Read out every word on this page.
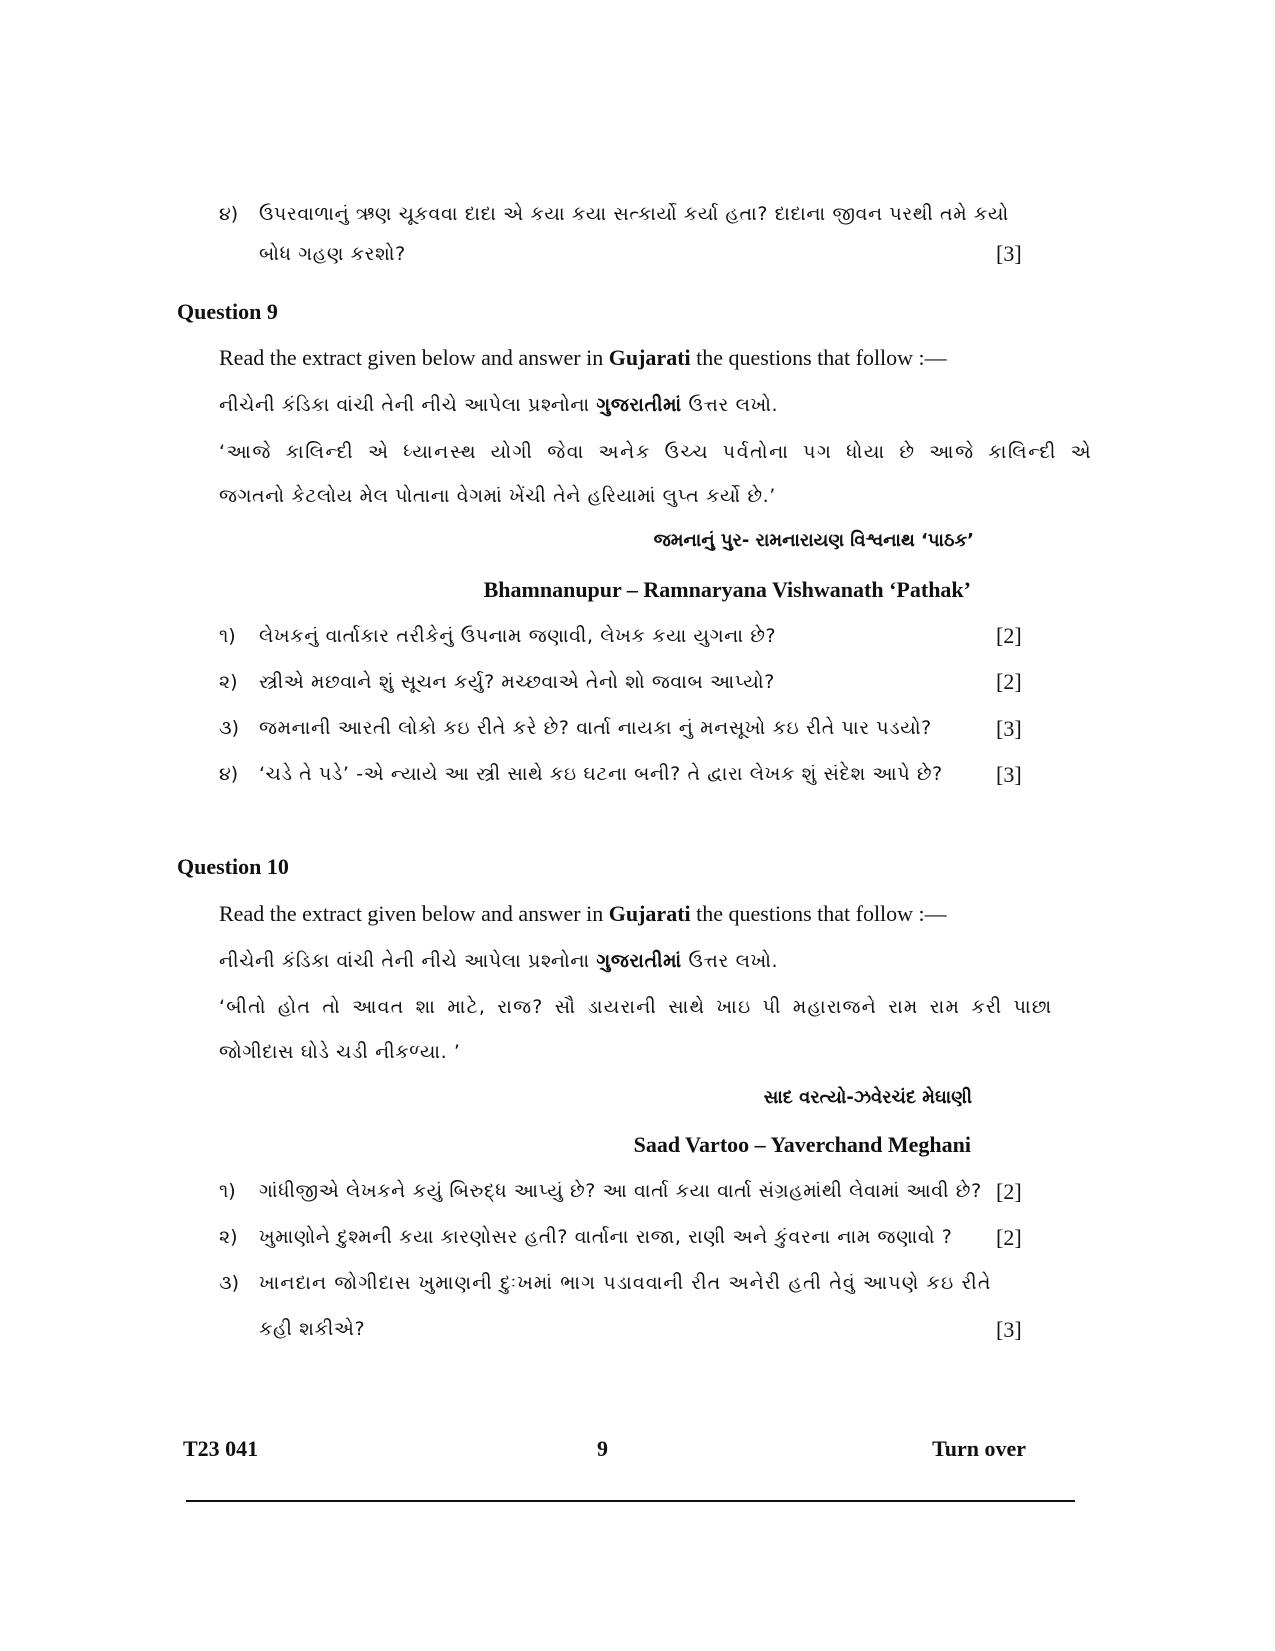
૪) ઉપરવાળાનું ઋણ ચૂકવવા દાદા એ કયા કયા સત્કાર્યો કર્યા હતા? દાદાના જીવન પરથી તમે કયો
બોધ ગહણ કરશો?	[3]
Question 9
Read the extract given below and answer in Gujarati the questions that follow :—
નીચેની કંડિકા વાંચી તેની નીચે આપેલા પ્રશ્નોના ગુજરાતીમાં ઉત્તર લખો.
‘આજે કાલિન્દી એ ધ્યાનસ્થ યોગી જેવા અનેક ઉચ્ચ પર્વતોના પગ ધોયા છે આજે કાલિન્દી એ
જગતનો કેટલોય મેલ પોતાના વેગમાં ખેંચી તેને હરિયામાં લુપ્ત કર્યો છે.’
જમનાનું પુર- રામનારાયણ વિશ્વનાથ ‘પાઠક’
Bhamnanupur – Ramnaryana Vishwanath ‘Pathak’
૧) લેખકનું વાર્તાકાર તરીકેનું ઉપનામ જણાવી, લેખક કયા યુગના છે?	[2]
૨) સ્ત્રીએ મછવાને શું સૂચન કર્યુ? મચ્છવાએ તેનો શો જવાબ આપ્યો?	[2]
૩) જમનાની આરતી લોકો કઇ રીતે કરે છે? વાર્તા નાયકા નું મનસૂખો કઇ રીતે પાર પડયો?	[3]
૪) ‘ચડે તે પડે’ -એ ન્યાયે આ સ્ત્રી સાથે કઇ ઘટના બની? તે દ્વારા લેખક શું સંદેશ આપે છે? [3]
Question 10
Read the extract given below and answer in Gujarati the questions that follow :—
નીચેની કંડિકા વાંચી તેની નીચે આપેલા પ્રશ્નોના ગુજરાતીમાં ઉત્તર લખો.
‘બીતો હોત તો આવત શા માટે, રાજ? સૌ ડાયરાની સાથે ખાઇ પી મહારાજને રામ રામ કરી પાછા
જોગીદાસ ઘોડે ચડી નીકળ્યા. ’
સાદ વરત્યો-ઝવેરચંદ મેઘાણી
Saad Vartoo – Yaverchand Meghani
૧) ગાંધીજીએ લેખકને કયું બિરુદ્ધ આપ્યું છે? આ વાર્તા કયા વાર્તા સંગ્રહમાંથી લેવામાં આવી છે? [2]
૨) ખુમાણોને દુશ્મની કયા કારણોસર હતી? વાર્તાના રાજા, રાણી અને કુંવરના નામ જણાવો ? [2]
૩) ખાનદાન જોગીદાસ ખુમાણની દુઃખમાં ભાગ પડાવવાની રીત અનેરી હતી તેવું આપણે કઇ રીતે
કહી શકીએ?	[3]
T23 041	9	Turn over
